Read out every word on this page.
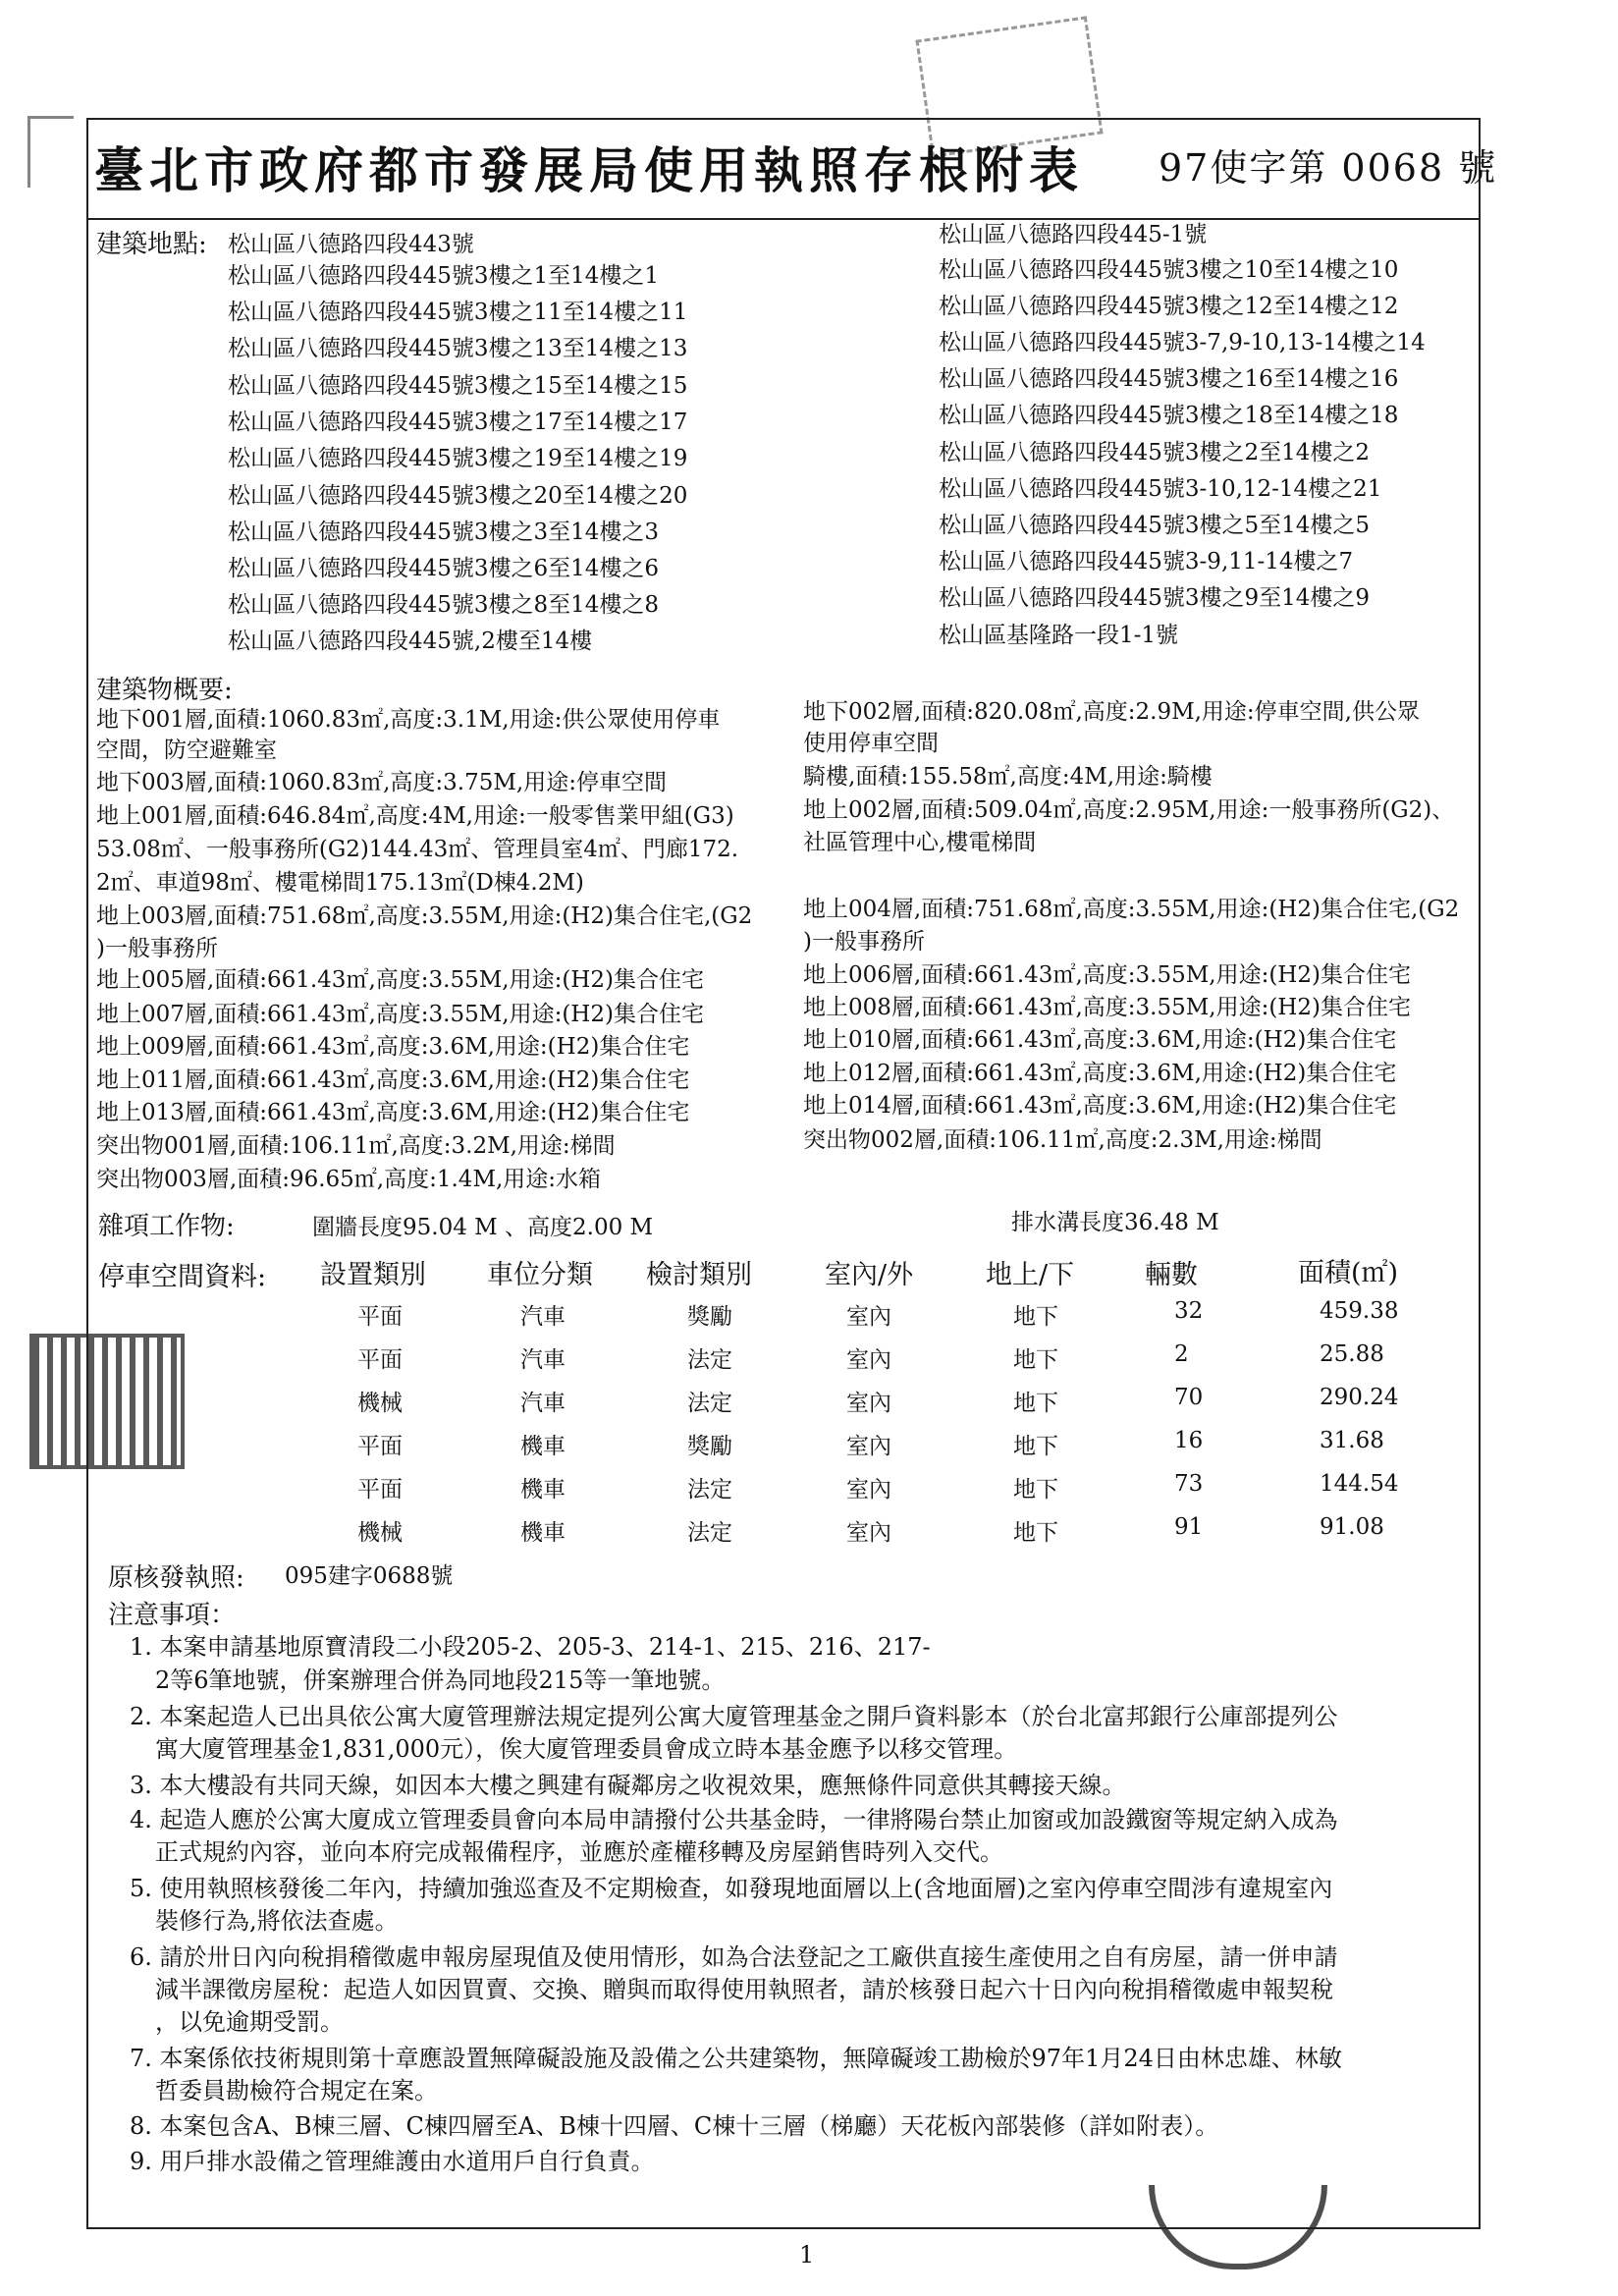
臺北市政府都市發展局使用執照存根附表 97使字第 0068 號
建築地點: 松山區八德路四段443號
松山區八德路四段445號3樓之1至14樓之1
松山區八德路四段445號3樓之11至14樓之11
松山區八德路四段445號3樓之13至14樓之13
松山區八德路四段445號3樓之15至14樓之15
松山區八德路四段445號3樓之17至14樓之17
松山區八德路四段445號3樓之19至14樓之19
松山區八德路四段445號3樓之20至14樓之20
松山區八德路四段445號3樓之3至14樓之3
松山區八德路四段445號3樓之6至14樓之6
松山區八德路四段445號3樓之8至14樓之8
松山區八德路四段445號,2樓至14樓
松山區八德路四段445-1號
松山區八德路四段445號3樓之10至14樓之10
松山區八德路四段445號3樓之12至14樓之12
松山區八德路四段445號3-7,9-10,13-14樓之14
松山區八德路四段445號3樓之16至14樓之16
松山區八德路四段445號3樓之18至14樓之18
松山區八德路四段445號3樓之2至14樓之2
松山區八德路四段445號3-10,12-14樓之21
松山區八德路四段445號3樓之5至14樓之5
松山區八德路四段445號3-9,11-14樓之7
松山區八德路四段445號3樓之9至14樓之9
松山區基隆路一段1-1號
建築物概要:
地下001層,面積:1060.83㎡,高度:3.1M,用途:供公眾使用停車
空間，防空避難室
地下002層,面積:820.08㎡,高度:2.9M,用途:停車空間,供公眾
使用停車空間
地下003層,面積:1060.83㎡,高度:3.75M,用途:停車空間	騎樓,面積:155.58㎡,高度:4M,用途:騎樓
地上001層,面積:646.84㎡,高度:4M,用途:一般零售業甲組(G3)
53.08㎡、一般事務所(G2)144.43㎡、管理員室4㎡、門廊172.
2㎡、車道98㎡、樓電梯間175.13㎡(D棟4.2M)
地上002層,面積:509.04㎡,高度:2.95M,用途:一般事務所(G2)、
社區管理中心,樓電梯間
地上003層,面積:751.68㎡,高度:3.55M,用途:(H2)集合住宅,(G2
)一般事務所
地上004層,面積:751.68㎡,高度:3.55M,用途:(H2)集合住宅,(G2
)一般事務所
地上005層,面積:661.43㎡,高度:3.55M,用途:(H2)集合住宅	地上006層,面積:661.43㎡,高度:3.55M,用途:(H2)集合住宅
地上007層,面積:661.43㎡,高度:3.55M,用途:(H2)集合住宅	地上008層,面積:661.43㎡,高度:3.55M,用途:(H2)集合住宅
地上009層,面積:661.43㎡,高度:3.6M,用途:(H2)集合住宅	地上010層,面積:661.43㎡,高度:3.6M,用途:(H2)集合住宅
地上011層,面積:661.43㎡,高度:3.6M,用途:(H2)集合住宅	地上012層,面積:661.43㎡,高度:3.6M,用途:(H2)集合住宅
地上013層,面積:661.43㎡,高度:3.6M,用途:(H2)集合住宅	地上014層,面積:661.43㎡,高度:3.6M,用途:(H2)集合住宅
突出物001層,面積:106.11㎡,高度:3.2M,用途:梯間	突出物002層,面積:106.11㎡,高度:2.3M,用途:梯間
突出物003層,面積:96.65㎡,高度:1.4M,用途:水箱
雜項工作物:	圍牆長度95.04 M 、高度2.00 M	排水溝長度36.48 M
停車空間資料: 設置類別 車位分類 檢討類別	室內/外	地上/下	輛數	面積(㎡)
平面	汽車	獎勵	室內	地下	32	459.38
平面	汽車	法定	室內	地下	2	25.88
機械	汽車	法定	室內	地下	70	290.24
平面	機車	獎勵	室內	地下	16	31.68
平面	機車	法定	室內	地下	73	144.54
機械	機車	法定	室內	地下	91	91.08
原核發執照: 095建字0688號
注意事項：
1. 本案申請基地原寶清段二小段205-2、205-3、214-1、215、216、217-
2等6筆地號，併案辦理合併為同地段215等一筆地號。
2. 本案起造人已出具依公寓大廈管理辦法規定提列公寓大廈管理基金之開戶資料影本（於台北富邦銀行公庫部提列公
寓大廈管理基金1,831,000元），俟大廈管理委員會成立時本基金應予以移交管理。
3. 本大樓設有共同天線，如因本大樓之興建有礙鄰房之收視效果，應無條件同意供其轉接天線。
4. 起造人應於公寓大廈成立管理委員會向本局申請撥付公共基金時，一律將陽台禁止加窗或加設鐵窗等規定納入成為
正式規約內容，並向本府完成報備程序，並應於產權移轉及房屋銷售時列入交代。
5. 使用執照核發後二年內，持續加強巡查及不定期檢查，如發現地面層以上(含地面層)之室內停車空間涉有違規室內
裝修行為,將依法查處。
6. 請於卅日內向稅捐稽徵處申報房屋現值及使用情形，如為合法登記之工廠供直接生產使用之自有房屋，請一併申請
減半課徵房屋稅：起造人如因買賣、交換、贈與而取得使用執照者，請於核發日起六十日內向稅捐稽徵處申報契稅
，以免逾期受罰。
7. 本案係依技術規則第十章應設置無障礙設施及設備之公共建築物，無障礙竣工勘檢於97年1月24日由林忠雄、林敏
哲委員勘檢符合規定在案。
8. 本案包含A、B棟三層、C棟四層至A、B棟十四層、C棟十三層（梯廳）天花板內部裝修（詳如附表）。
9. 用戶排水設備之管理維護由水道用戶自行負責。
1
